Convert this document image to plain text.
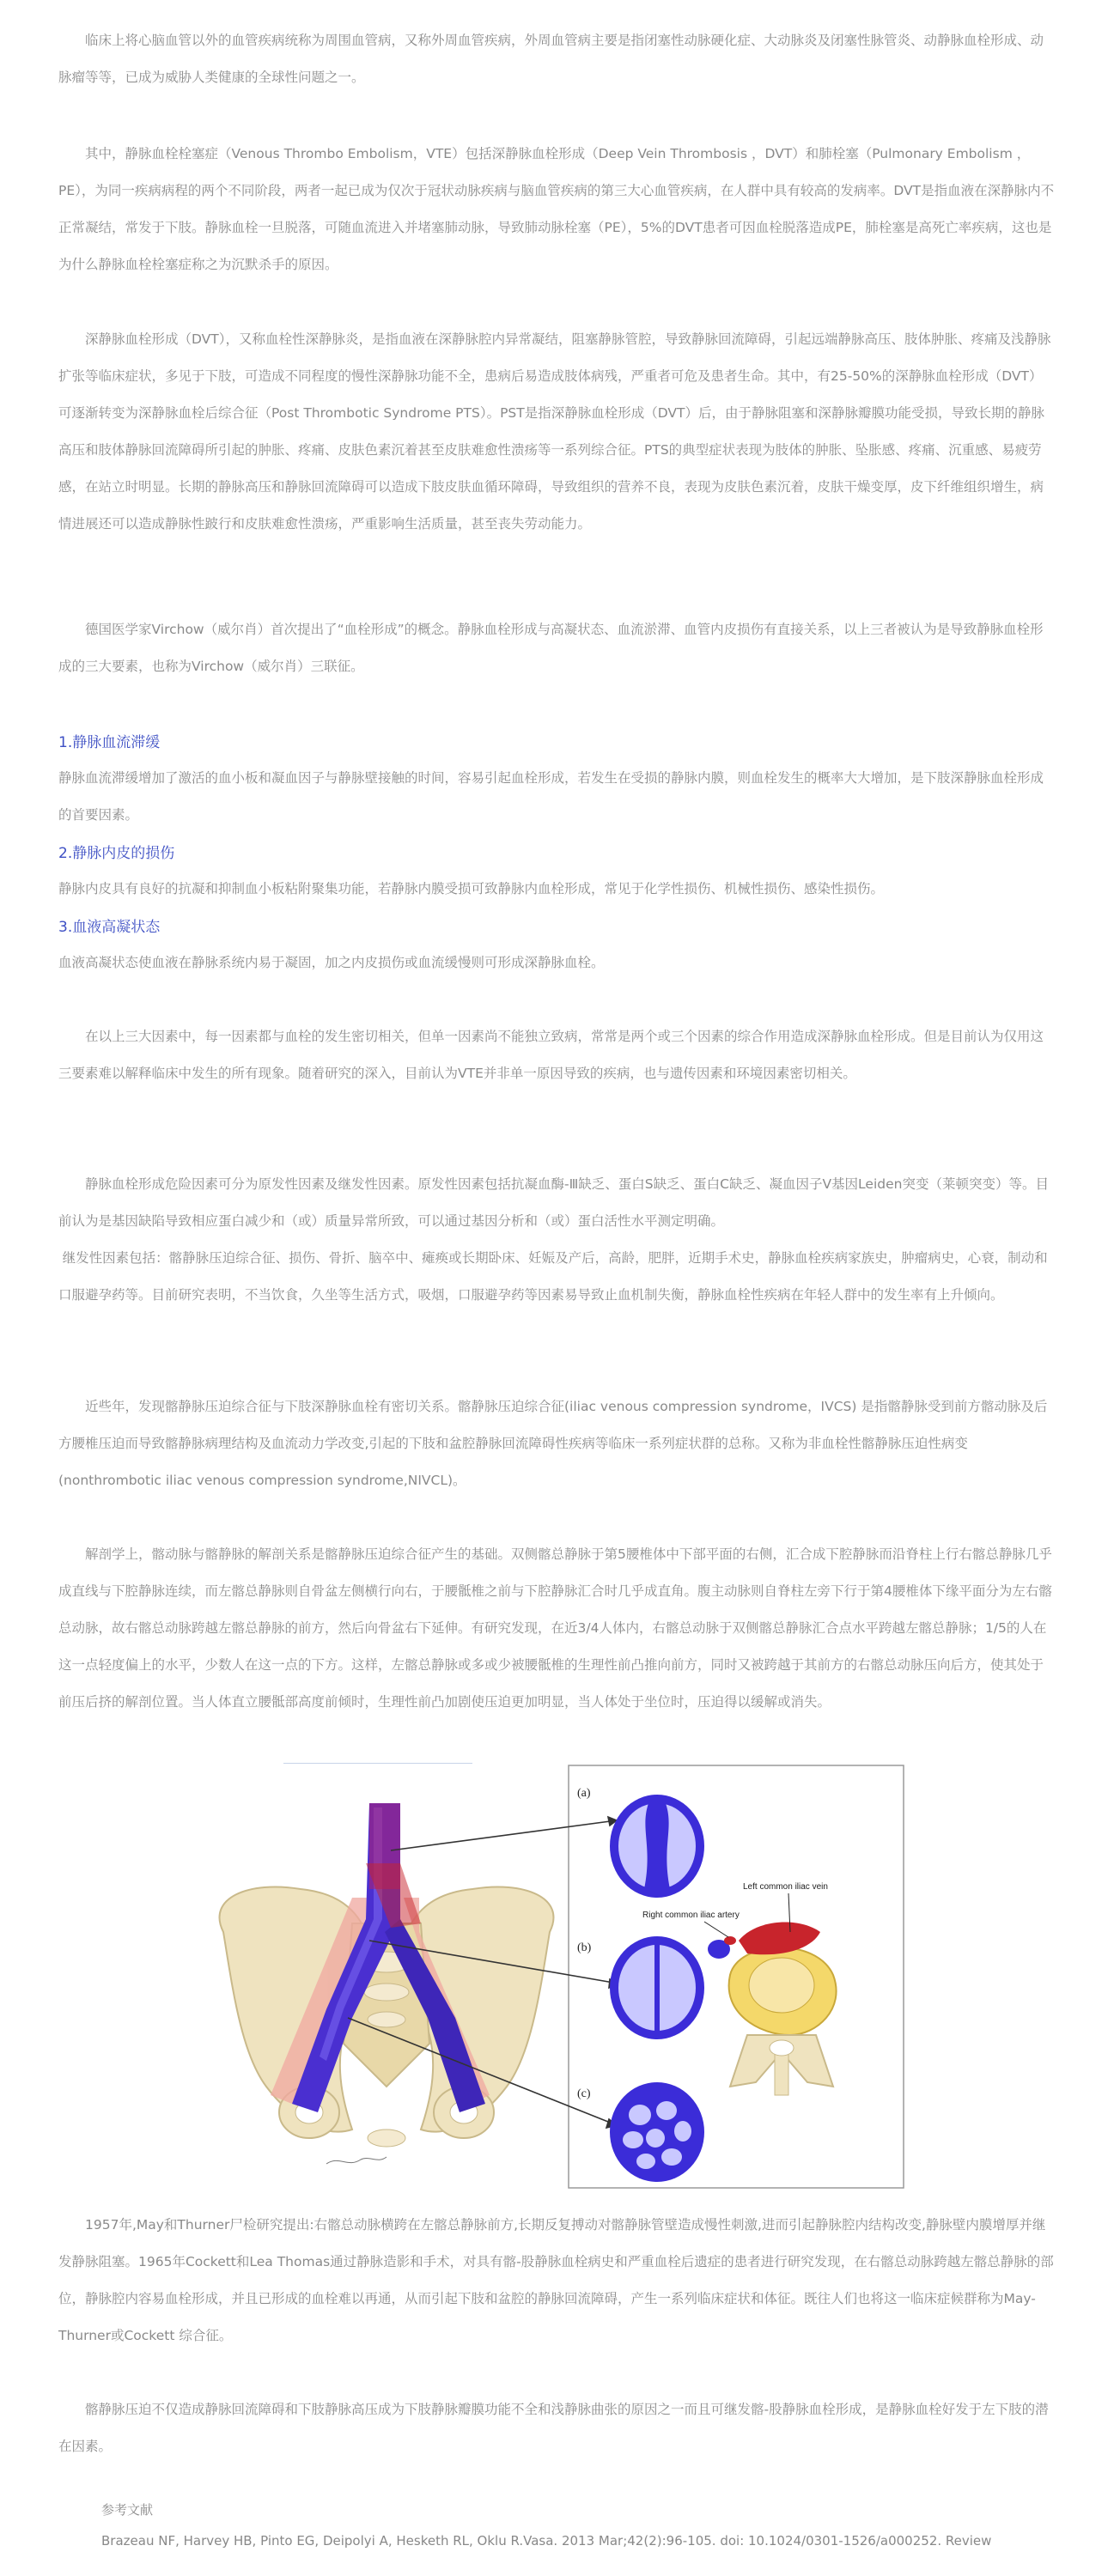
临床上将心脑血管以外的血管疾病统称为周围血管病，又称外周血管疾病，外周血管病主要是指闭塞性动脉硬化症、大动脉炎及闭塞性脉管炎、动静脉血栓形成、动脉瘤等等，已成为威胁人类健康的全球性问题之一。

其中，静脉血栓栓塞症（Venous Thrombo Embolism，VTE）包括深静脉血栓形成（Deep Vein Thrombosis ，DVT）和肺栓塞（Pulmonary Embolism ，PE），为同一疾病病程的两个不同阶段，两者一起已成为仅次于冠状动脉疾病与脑血管疾病的第三大心血管疾病，在人群中具有较高的发病率。DVT是指血液在深静脉内不正常凝结，常发于下肢。静脉血栓一旦脱落，可随血流进入并堵塞肺动脉，导致肺动脉栓塞（PE），5%的DVT患者可因血栓脱落造成PE，肺栓塞是高死亡率疾病，这也是为什么静脉血栓栓塞症称之为沉默杀手的原因。

深静脉血栓形成（DVT），又称血栓性深静脉炎，是指血液在深静脉腔内异常凝结，阻塞静脉管腔，导致静脉回流障碍，引起远端静脉高压、肢体肿胀、疼痛及浅静脉扩张等临床症状，多见于下肢，可造成不同程度的慢性深静脉功能不全，患病后易造成肢体病残，严重者可危及患者生命。其中，有25-50%的深静脉血栓形成（DVT）可逐渐转变为深静脉血栓后综合征（Post Thrombotic Syndrome PTS）。PST是指深静脉血栓形成（DVT）后，由于静脉阻塞和深静脉瓣膜功能受损，导致长期的静脉高压和肢体静脉回流障碍所引起的肿胀、疼痛、皮肤色素沉着甚至皮肤难愈性溃疡等一系列综合征。PTS的典型症状表现为肢体的肿胀、坠胀感、疼痛、沉重感、易疲劳感，在站立时明显。长期的静脉高压和静脉回流障碍可以造成下肢皮肤血循环障碍，导致组织的营养不良，表现为皮肤色素沉着，皮肤干燥变厚，皮下纤维组织增生，病情进展还可以造成静脉性跛行和皮肤难愈性溃疡，严重影响生活质量，甚至丧失劳动能力。

德国医学家Virchow（威尔肖）首次提出了“血栓形成”的概念。静脉血栓形成与高凝状态、血流淤滞、血管内皮损伤有直接关系，以上三者被认为是导致静脉血栓形成的三大要素，也称为Virchow（威尔肖）三联征。

1.静脉血流滞缓

静脉血流滞缓增加了激活的血小板和凝血因子与静脉壁接触的时间，容易引起血栓形成，若发生在受损的静脉内膜，则血栓发生的概率大大增加，是下肢深静脉血栓形成的首要因素。

2.静脉内皮的损伤

静脉内皮具有良好的抗凝和抑制血小板粘附聚集功能，若静脉内膜受损可致静脉内血栓形成，常见于化学性损伤、机械性损伤、感染性损伤。

3.血液高凝状态

血液高凝状态使血液在静脉系统内易于凝固，加之内皮损伤或血流缓慢则可形成深静脉血栓。

在以上三大因素中，每一因素都与血栓的发生密切相关，但单一因素尚不能独立致病，常常是两个或三个因素的综合作用造成深静脉血栓形成。但是目前认为仅用这三要素难以解释临床中发生的所有现象。随着研究的深入，目前认为VTE并非单一原因导致的疾病，也与遗传因素和环境因素密切相关。

静脉血栓形成危险因素可分为原发性因素及继发性因素。原发性因素包括抗凝血酶-Ⅲ缺乏、蛋白S缺乏、蛋白C缺乏、凝血因子V基因Leiden突变（莱顿突变）等。目前认为是基因缺陷导致相应蛋白减少和（或）质量异常所致，可以通过基因分析和（或）蛋白活性水平测定明确。

继发性因素包括：髂静脉压迫综合征、损伤、骨折、脑卒中、瘫痪或长期卧床、妊娠及产后，高龄，肥胖，近期手术史，静脉血栓疾病家族史，肿瘤病史，心衰，制动和口服避孕药等。目前研究表明，不当饮食，久坐等生活方式，吸烟，口服避孕药等因素易导致止血机制失衡，静脉血栓性疾病在年轻人群中的发生率有上升倾向。

近些年，发现髂静脉压迫综合征与下肢深静脉血栓有密切关系。髂静脉压迫综合征(iliac venous compression syndrome，IVCS) 是指髂静脉受到前方髂动脉及后方腰椎压迫而导致髂静脉病理结构及血流动力学改变,引起的下肢和盆腔静脉回流障碍性疾病等临床一系列症状群的总称。又称为非血栓性髂静脉压迫性病变(nonthrombotic iliac venous compression syndrome,NIVCL)。

解剖学上，髂动脉与髂静脉的解剖关系是髂静脉压迫综合征产生的基础。双侧髂总静脉于第5腰椎体中下部平面的右侧，汇合成下腔静脉而沿脊柱上行右髂总静脉几乎成直线与下腔静脉连续，而左髂总静脉则自骨盆左侧横行向右，于腰骶椎之前与下腔静脉汇合时几乎成直角。腹主动脉则自脊柱左旁下行于第4腰椎体下缘平面分为左右髂总动脉，故右髂总动脉跨越左髂总静脉的前方，然后向骨盆右下延伸。有研究发现，在近3/4人体内，右髂总动脉于双侧髂总静脉汇合点水平跨越左髂总静脉；1/5的人在这一点轻度偏上的水平，少数人在这一点的下方。这样，左髂总静脉或多或少被腰骶椎的生理性前凸推向前方，同时又被跨越于其前方的右髂总动脉压向后方，使其处于前压后挤的解剖位置。当人体直立腰骶部高度前倾时，生理性前凸加剧使压迫更加明显，当人体处于坐位时，压迫得以缓解或消失。

(a)
(b)
(c)
Left common iliac vein
Right common iliac artery

1957年,May和Thurner尸检研究提出:右髂总动脉横跨在左髂总静脉前方,长期反复搏动对髂静脉管壁造成慢性刺激,进而引起静脉腔内结构改变,静脉壁内膜增厚并继发静脉阻塞。1965年Cockett和Lea Thomas通过静脉造影和手术，对具有髂-股静脉血栓病史和严重血栓后遗症的患者进行研究发现，在右髂总动脉跨越左髂总静脉的部位，静脉腔内容易血栓形成，并且已形成的血栓难以再通，从而引起下肢和盆腔的静脉回流障碍，产生一系列临床症状和体征。既往人们也将这一临床症候群称为May-Thurner或Cockett 综合征。

髂静脉压迫不仅造成静脉回流障碍和下肢静脉高压成为下肢静脉瓣膜功能不全和浅静脉曲张的原因之一而且可继发髂-股静脉血栓形成，是静脉血栓好发于左下肢的潜在因素。

参考文献

Brazeau NF, Harvey HB, Pinto EG, Deipolyi A, Hesketh RL, Oklu R.Vasa. 2013 Mar;42(2):96-105. doi: 10.1024/0301-1526/a000252. Review
